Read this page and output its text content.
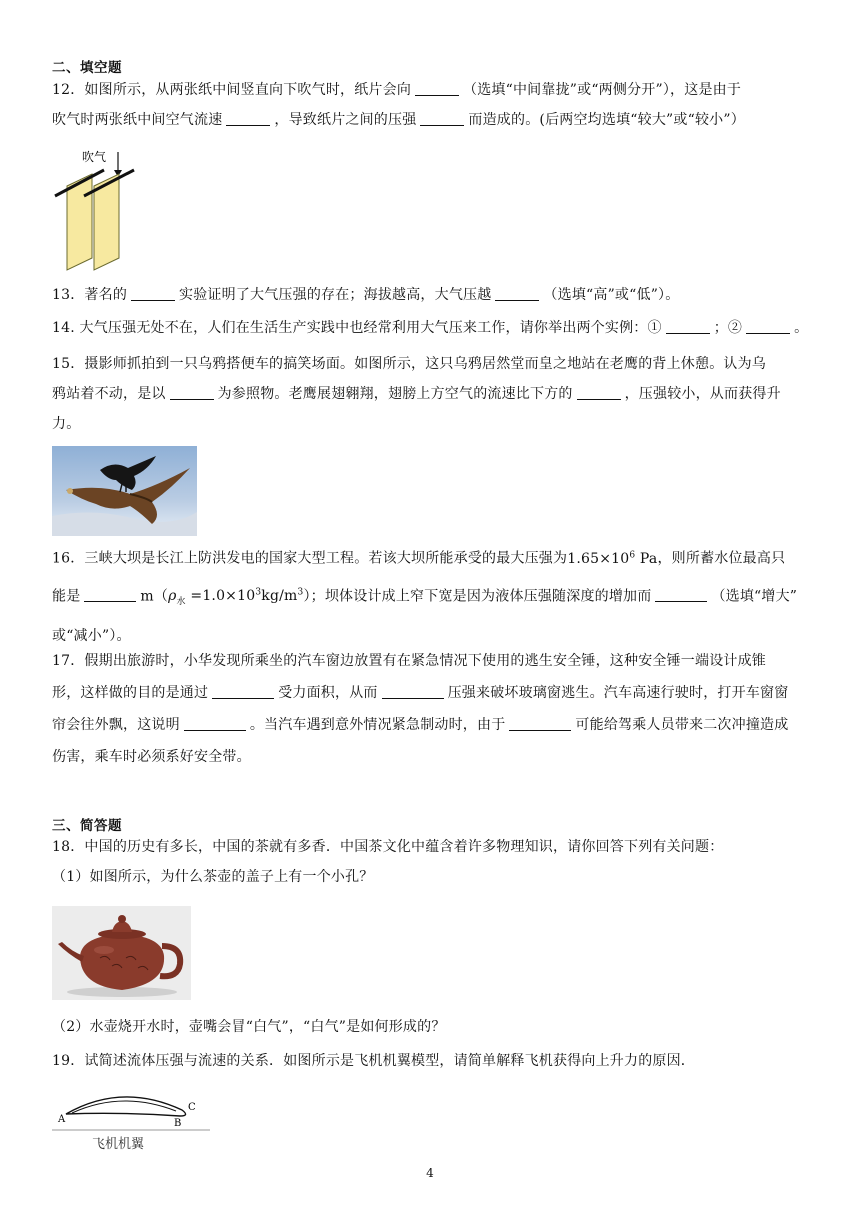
二、填空题
12．如图所示，从两张纸中间竖直向下吹气时，纸片会向	（选填“中间靠拢”或“两侧分开”），这是由于
吹气时两张纸中间空气流速	，导致纸片之间的压强	而造成的。(后两空均选填“较大”或“较小”）
吹气
13．著名的	实验证明了大气压强的存在；海拔越高，大气压越	（选填“高”或“低”）。
14. 大气压强无处不在，人们在生活生产实践中也经常利用大气压来工作，请你举出两个实例：①	；②	。
15．摄影师抓拍到一只乌鸦搭便车的搞笑场面。如图所示，这只乌鸦居然堂而皇之地站在老鹰的背上休憩。认为乌
鸦站着不动，是以	为参照物。老鹰展翅翱翔，翅膀上方空气的流速比下方的	，压强较小，从而获得升
力。
16．三峡大坝是长江上防洪发电的国家大型工程。若该大坝所能承受的最大压强为$1.65\times 10^6$ Pa，则所蓄水位最高只
能是	$m(\rho_水 =1.0\times 10^3kg/m^3)$；坝体设计成上窄下宽是因为液体压强随深度的增加而	（选填“增大”
或“减小”）。
17．假期出旅游时，小华发现所乘坐的汽车窗边放置有在紧急情况下使用的逃生安全锤，这种安全锤一端设计成锥
形，这样做的目的是通过	受力面积，从而	压强来破坏玻璃窗逃生。汽车高速行驶时，打开车窗窗
帘会往外飘，这说明	。当汽车遇到意外情况紧急制动时，由于	可能给驾乘人员带来二次冲撞造成
伤害，乘车时必须系好安全带。
三、简答题
18．中国的历史有多长，中国的茶就有多香．中国茶文化中蕴含着许多物理知识，请你回答下列有关问题：
（1）如图所示，为什么茶壶的盖子上有一个小孔？
（2）水壶烧开水时，壶嘴会冒“白气”，“白气”是如何形成的？
19．试简述流体压强与流速的关系．如图所示是飞机机翼模型，请简单解释飞机获得向上升力的原因．
A	B
C
飞机机翼
4
